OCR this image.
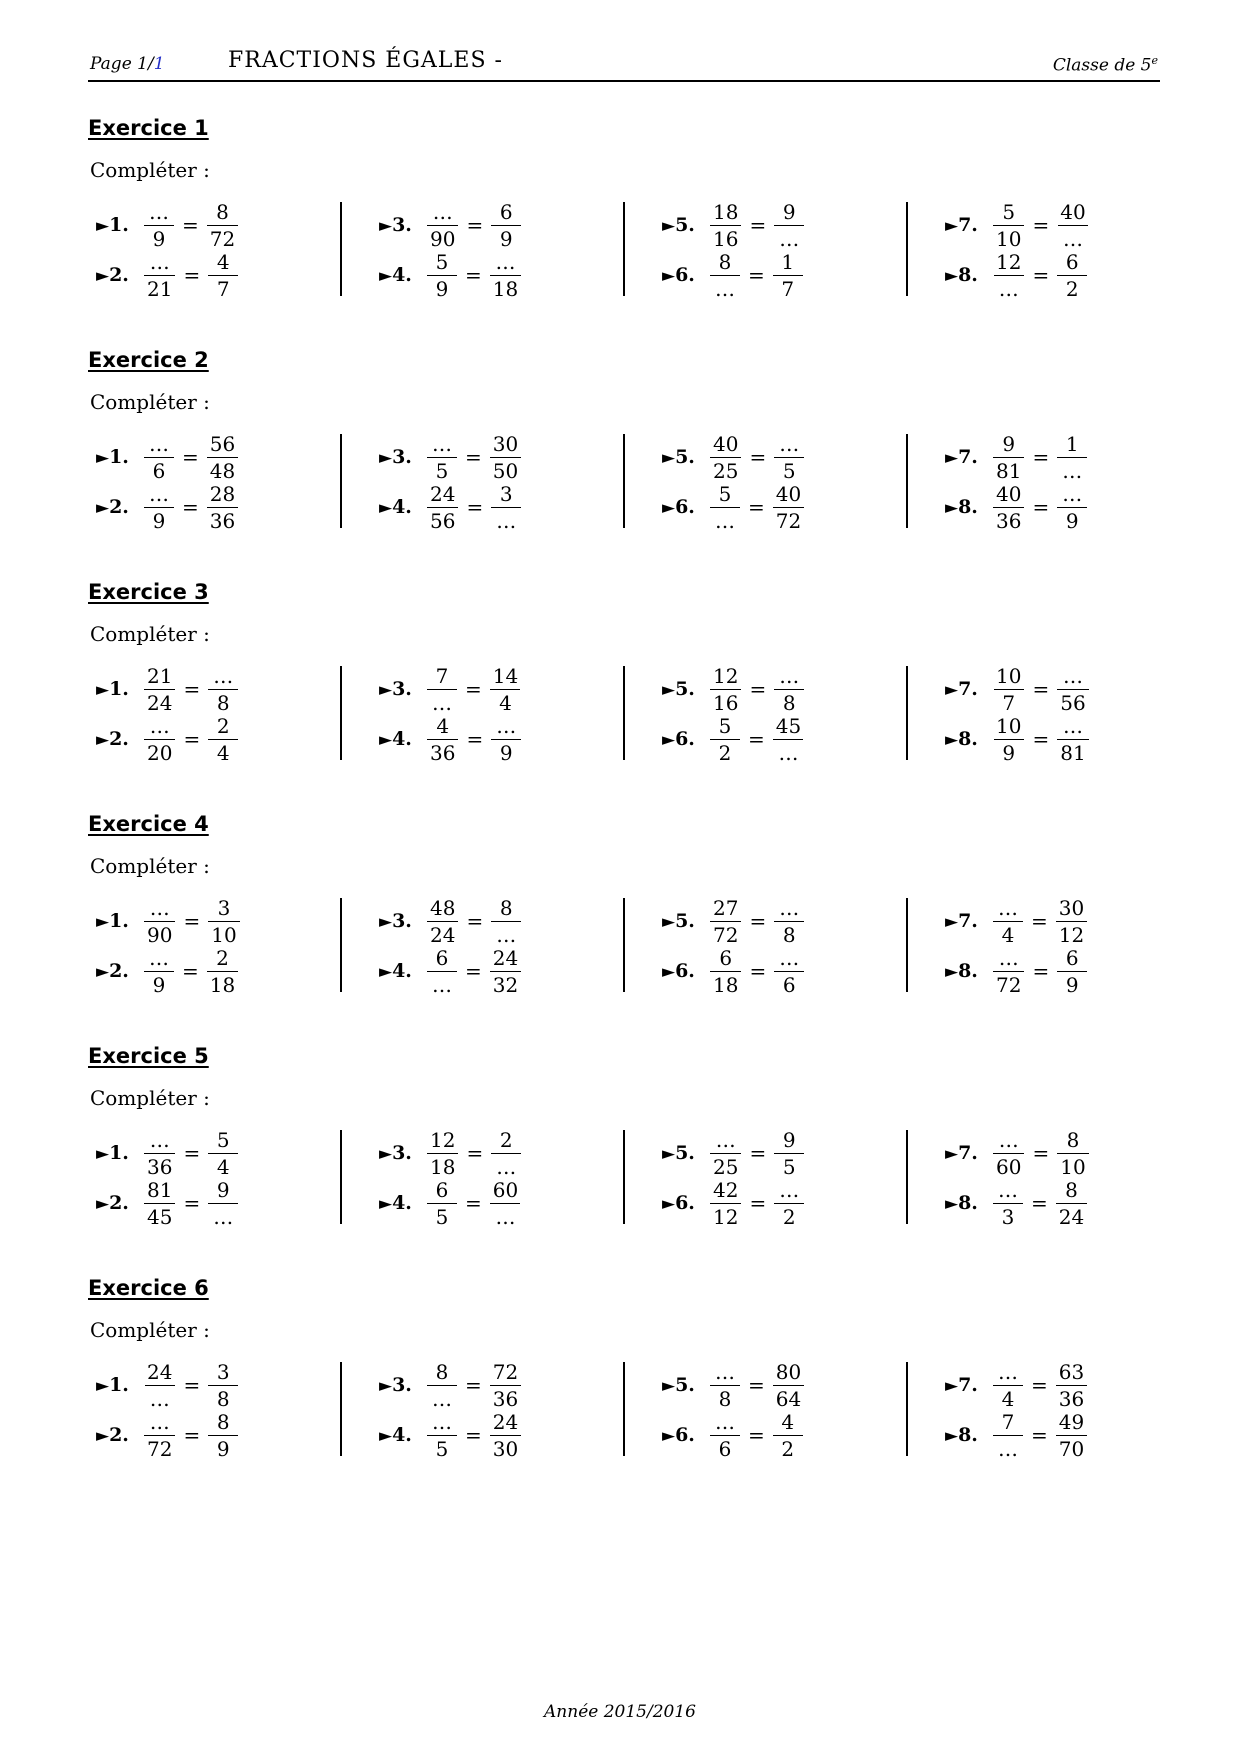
Page 1/1	FRACTIONS ÉGALES -	Classe de 5e
Exercice 1
Compléter :
►1. $\frac{\dots}{9} = \frac{8}{72}$
►2. $\frac{\dots}{21} = \frac{4}{7}$
►3. $\frac{\dots}{90} = \frac{6}{9}$
►4. $\frac{5}{9} = \frac{\dots}{18}$
►5. $\frac{18}{16} = \frac{9}{\dots}$
►6. $\frac{8}{\dots} = \frac{1}{7}$
►7. $\frac{5}{10} = \frac{40}{\dots}$
►8. $\frac{12}{\dots} = \frac{6}{2}$
Exercice 2
Compléter :
►1. $\frac{\dots}{6} = \frac{56}{48}$
►2. $\frac{\dots}{9} = \frac{28}{36}$
►3. $\frac{\dots}{5} = \frac{30}{50}$
►4. $\frac{24}{56} = \frac{3}{\dots}$
►5. $\frac{40}{25} = \frac{\dots}{5}$
►6. $\frac{5}{\dots} = \frac{40}{72}$
►7. $\frac{9}{81} = \frac{1}{\dots}$
►8. $\frac{40}{36} = \frac{\dots}{9}$
Exercice 3
Compléter :
►1. $\frac{21}{24} = \frac{\dots}{8}$
►2. $\frac{\dots}{20} = \frac{2}{4}$
►3. $\frac{7}{\dots} = \frac{14}{4}$
►4. $\frac{4}{36} = \frac{\dots}{9}$
►5. $\frac{12}{16} = \frac{\dots}{8}$
►6. $\frac{5}{2} = \frac{45}{\dots}$
►7. $\frac{10}{7} = \frac{\dots}{56}$
►8. $\frac{10}{9} = \frac{\dots}{81}$
Exercice 4
Compléter :
►1. $\frac{\dots}{90} = \frac{3}{10}$
►2. $\frac{\dots}{9} = \frac{2}{18}$
►3. $\frac{48}{24} = \frac{8}{\dots}$
►4. $\frac{6}{\dots} = \frac{24}{32}$
►5. $\frac{27}{72} = \frac{\dots}{8}$
►6. $\frac{6}{18} = \frac{\dots}{6}$
►7. $\frac{\dots}{4} = \frac{30}{12}$
►8. $\frac{\dots}{72} = \frac{6}{9}$
Exercice 5
Compléter :
►1. $\frac{\dots}{36} = \frac{5}{4}$
►2. $\frac{81}{45} = \frac{9}{\dots}$
►3. $\frac{12}{18} = \frac{2}{\dots}$
►4. $\frac{6}{5} = \frac{60}{\dots}$
►5. $\frac{\dots}{25} = \frac{9}{5}$
►6. $\frac{42}{12} = \frac{\dots}{2}$
►7. $\frac{\dots}{60} = \frac{8}{10}$
►8. $\frac{\dots}{3} = \frac{8}{24}$
Exercice 6
Compléter :
►1. $\frac{24}{\dots} = \frac{3}{8}$
►2. $\frac{\dots}{72} = \frac{8}{9}$
►3. $\frac{8}{\dots} = \frac{72}{36}$
►4. $\frac{\dots}{5} = \frac{24}{30}$
►5. $\frac{\dots}{8} = \frac{80}{64}$
►6. $\frac{\dots}{6} = \frac{4}{2}$
►7. $\frac{\dots}{4} = \frac{63}{36}$
►8. $\frac{7}{\dots} = \frac{49}{70}$
Année 2015/2016
